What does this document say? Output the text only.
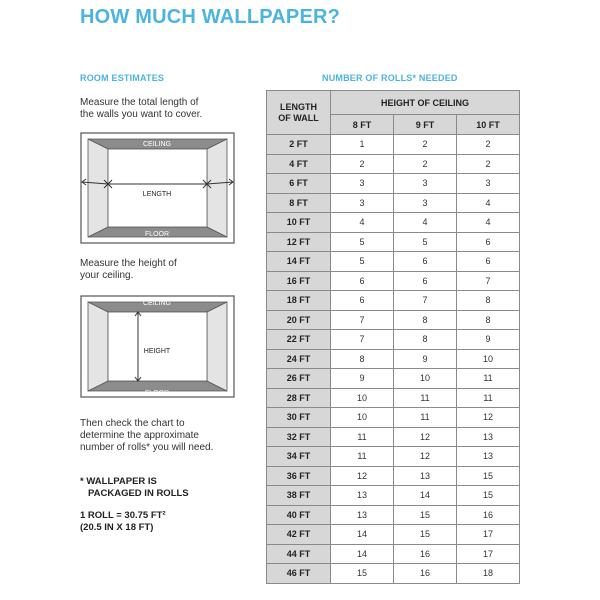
HOW MUCH WALLPAPER?
ROOM ESTIMATES
Measure the total length of
the walls you want to cover.
CEILING
LENGTH
FLOOR
Measure the height of
your ceiling.
CEILING
HEIGHT
FLOOR
Then check the chart to
determine the approximate
number of rolls* you will need.
* WALLPAPER IS
PACKAGED IN ROLLS
1 ROLL = 30.75 FT²
(20.5 IN X 18 FT)
NUMBER OF ROLLS* NEEDED
LENGTH
OF WALL	HEIGHT OF CEILING		
	8 FT	9 FT	10 FT
2 FT	1	2	2
4 FT	2	2	2
6 FT	3	3	3
8 FT	3	3	4
10 FT	4	4	4
12 FT	5	5	6
14 FT	5	6	6
16 FT	6	6	7
18 FT	6	7	8
20 FT	7	8	8
22 FT	7	8	9
24 FT	8	9	10
26 FT	9	10	11
28 FT	10	11	11
30 FT	10	11	12
32 FT	11	12	13
34 FT	11	12	13
36 FT	12	13	15
38 FT	13	14	15
40 FT	13	15	16
42 FT	14	15	17
44 FT	14	16	17
46 FT	15	16	18
